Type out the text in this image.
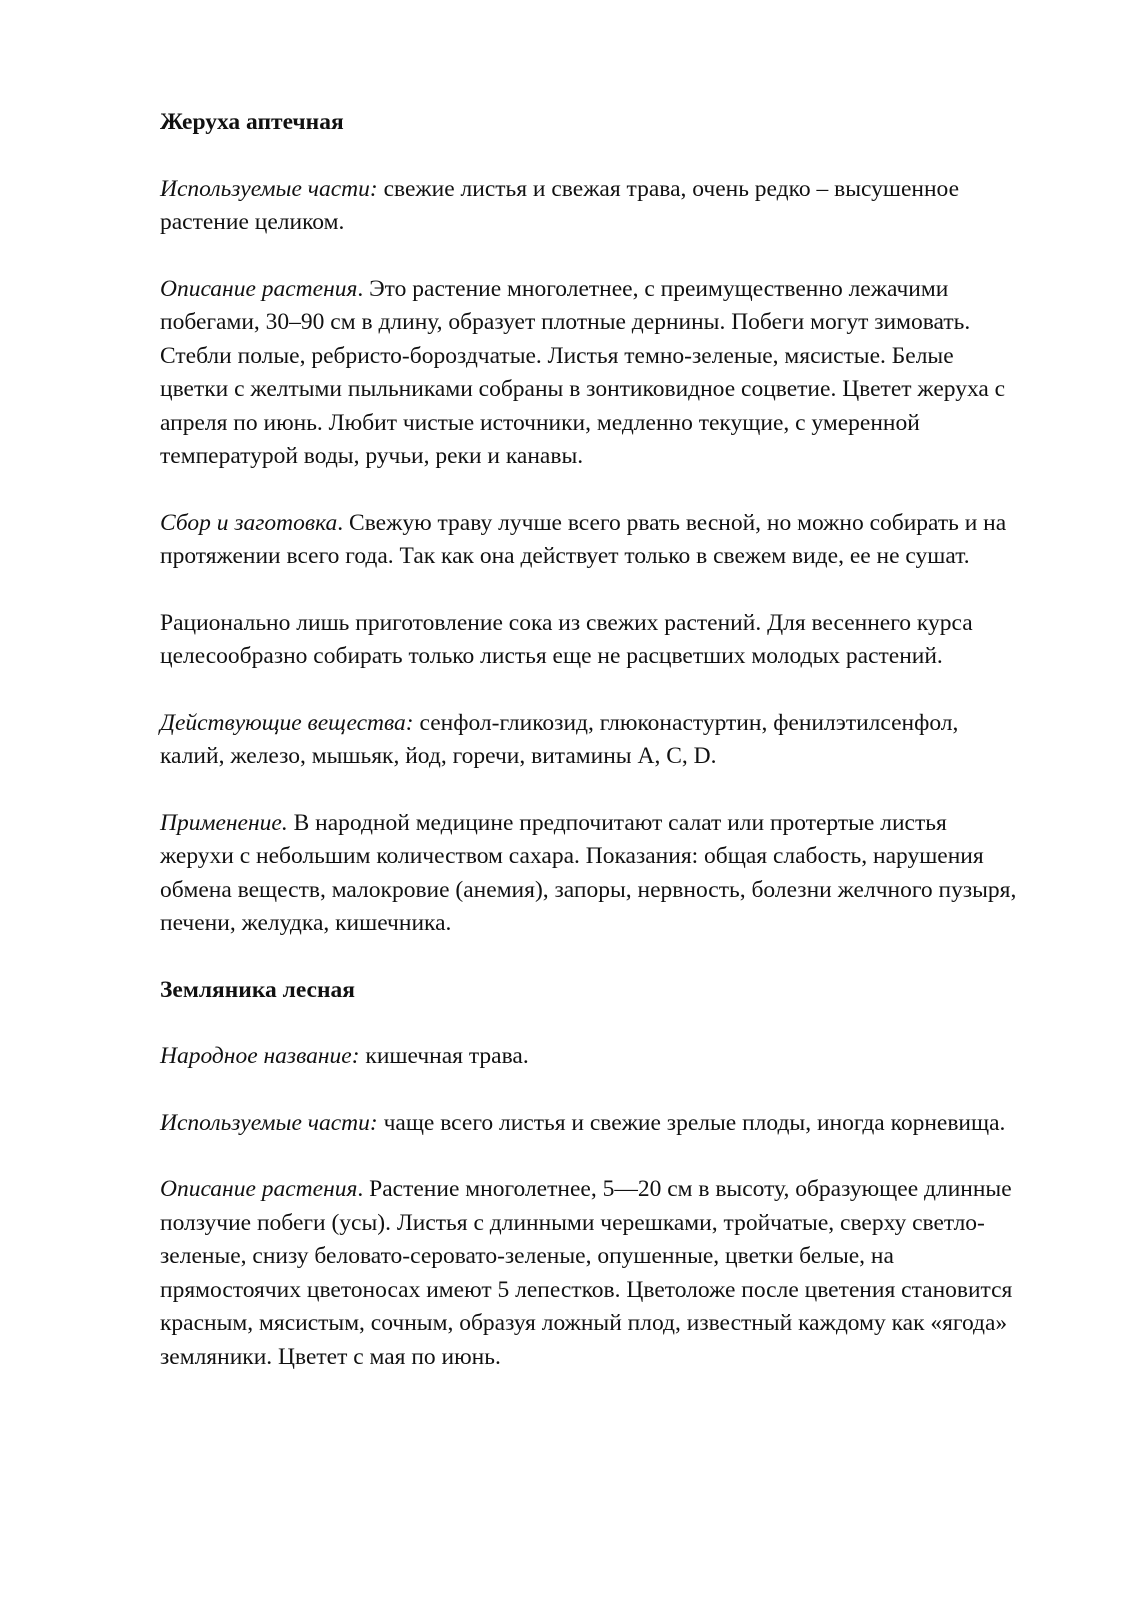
Жеруха аптечная

Используемые части: свежие листья и свежая трава, очень редко – высушенное растение целиком.

Описание растения. Это растение многолетнее, с преимущественно лежачими побегами, 30–90 см в длину, образует плотные дернины. Побеги могут зимовать. Стебли полые, ребристо-бороздчатые. Листья темно-зеленые, мясистые. Белые цветки с желтыми пыльниками собраны в зонтиковидное соцветие. Цветет жеруха с апреля по июнь. Любит чистые источники, медленно текущие, с умеренной температурой воды, ручьи, реки и канавы.

Сбор и заготовка. Свежую траву лучше всего рвать весной, но можно собирать и на протяжении всего года. Так как она действует только в свежем виде, ее не сушат.

Рационально лишь приготовление сока из свежих растений. Для весеннего курса целесообразно собирать только листья еще не расцветших молодых растений.

Действующие вещества: сенфол-гликозид, глюконастуртин, фенилэтилсенфол, калий, железо, мышьяк, йод, горечи, витамины А, С, D.

Применение. В народной медицине предпочитают салат или протертые листья жерухи с небольшим количеством сахара. Показания: общая слабость, нарушения обмена веществ, малокровие (анемия), запоры, нервность, болезни желчного пузыря, печени, желудка, кишечника.

Земляника лесная

Народное название: кишечная трава.

Используемые части: чаще всего листья и свежие зрелые плоды, иногда корневища.

Описание растения. Растение многолетнее, 5—20 см в высоту, образующее длинные ползучие побеги (усы). Листья с длинными черешками, тройчатые, сверху светло-зеленые, снизу беловато-серовато-зеленые, опушенные, цветки белые, на прямостоячих цветоносах имеют 5 лепестков. Цветоложе после цветения становится красным, мясистым, сочным, образуя ложный плод, известный каждому как «ягода» земляники. Цветет с мая по июнь.
